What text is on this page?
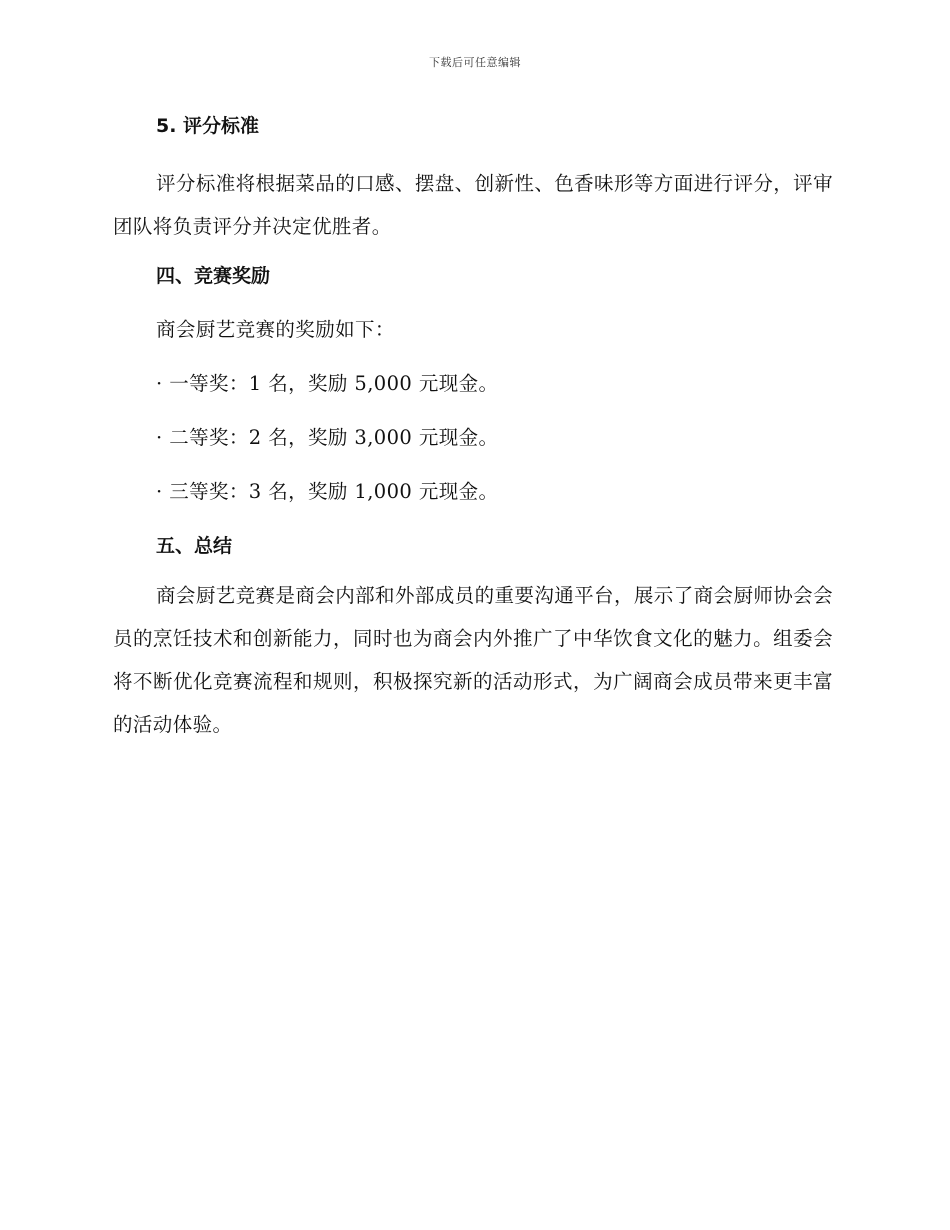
下载后可任意编辑
5. 评分标准

评分标准将根据菜品的口感、摆盘、创新性、色香味形等方面进行评分，评审团队将负责评分并决定优胜者。

四、竞赛奖励

商会厨艺竞赛的奖励如下：

· 一等奖：1 名，奖励 5,000 元现金。

· 二等奖：2 名，奖励 3,000 元现金。

· 三等奖：3 名，奖励 1,000 元现金。

五、总结

商会厨艺竞赛是商会内部和外部成员的重要沟通平台，展示了商会厨师协会会员的烹饪技术和创新能力，同时也为商会内外推广了中华饮食文化的魅力。组委会将不断优化竞赛流程和规则，积极探究新的活动形式，为广阔商会成员带来更丰富的活动体验。
